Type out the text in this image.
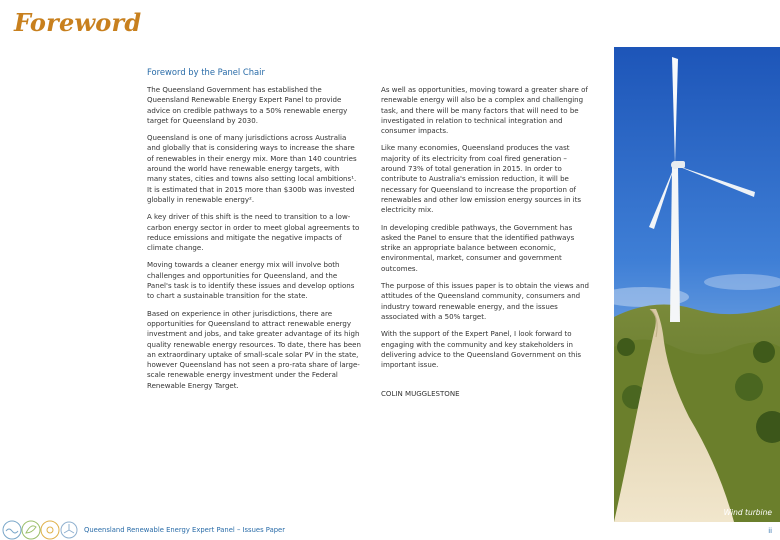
Foreword
Foreword by the Panel Chair

The Queensland Government has established the Queensland Renewable Energy Expert Panel to provide advice on credible pathways to a 50% renewable energy target for Queensland by 2030.

Queensland is one of many jurisdictions across Australia and globally that is considering ways to increase the share of renewables in their energy mix. More than 140 countries around the world have renewable energy targets, with many states, cities and towns also setting local ambitions¹. It is estimated that in 2015 more than $300b was invested globally in renewable energy².

A key driver of this shift is the need to transition to a low-carbon energy sector in order to meet global agreements to reduce emissions and mitigate the negative impacts of climate change.

Moving towards a cleaner energy mix will involve both challenges and opportunities for Queensland, and the Panel's task is to identify these issues and develop options to chart a sustainable transition for the state.

Based on experience in other jurisdictions, there are opportunities for Queensland to attract renewable energy investment and jobs, and take greater advantage of its high quality renewable energy resources. To date, there has been an extraordinary uptake of small-scale solar PV in the state, however Queensland has not seen a pro-rata share of large-scale renewable energy investment under the Federal Renewable Energy Target.

As well as opportunities, moving toward a greater share of renewable energy will also be a complex and challenging task, and there will be many factors that will need to be investigated in relation to technical integration and consumer impacts.

Like many economies, Queensland produces the vast majority of its electricity from coal fired generation – around 73% of total generation in 2015. In order to contribute to Australia's emission reduction, it will be necessary for Queensland to increase the proportion of renewables and other low emission energy sources in its electricity mix.

In developing credible pathways, the Government has asked the Panel to ensure that the identified pathways strike an appropriate balance between economic, environmental, market, consumer and government outcomes.

The purpose of this issues paper is to obtain the views and attitudes of the Queensland community, consumers and industry toward renewable energy, and the issues associated with a 50% target.

With the support of the Expert Panel, I look forward to engaging with the community and key stakeholders in delivering advice to the Queensland Government on this important issue.

COLIN MUGGLESTONE

Wind turbine
Queensland Renewable Energy Expert Panel – Issues Paper	ii
